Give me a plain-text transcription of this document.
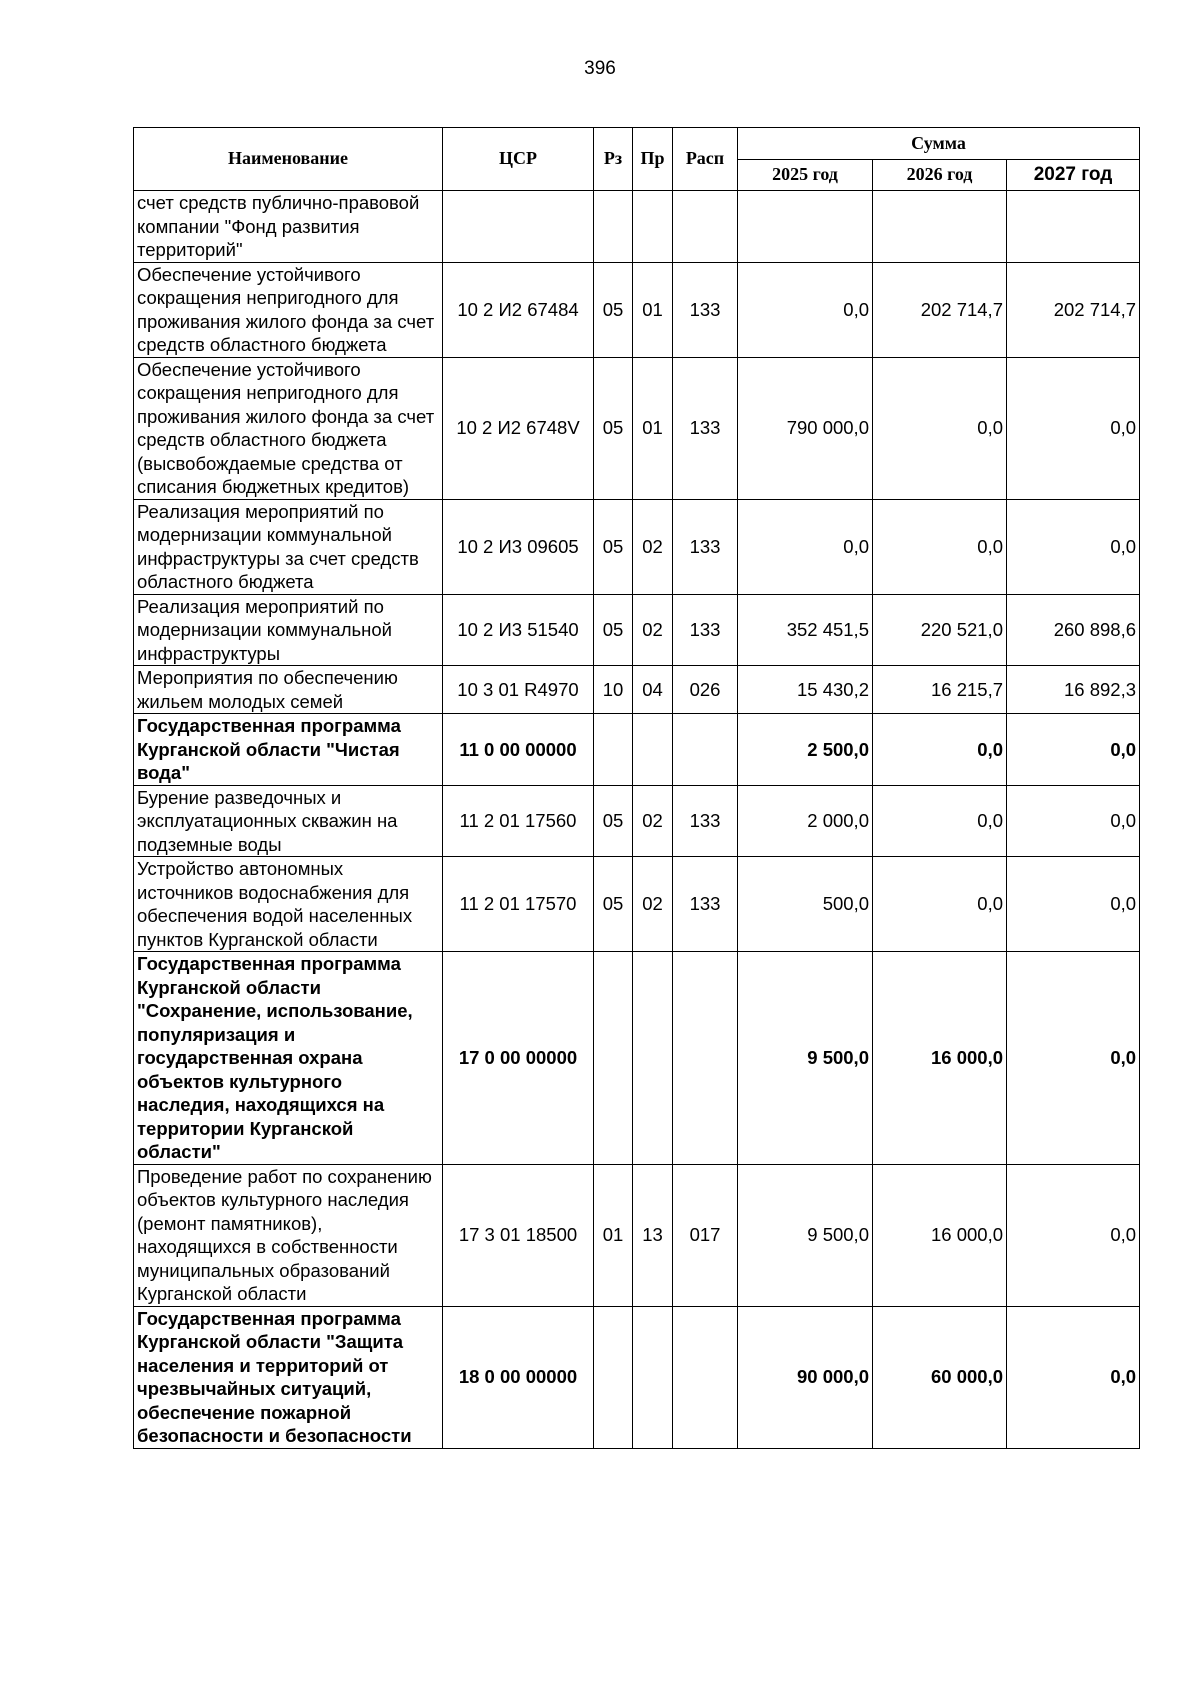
396
Наименование	ЦСР	Рз	Пр	Расп	Сумма		
					2025 год	2026 год	2027 год
счет средств публично-правовой компании "Фонд развития территорий"							
Обеспечение устойчивого сокращения непригодного для проживания жилого фонда за счет средств областного бюджета	10 2 И2 67484	05	01	133	0,0	202 714,7	202 714,7
Обеспечение устойчивого сокращения непригодного для проживания жилого фонда за счет средств областного бюджета (высвобождаемые средства от списания бюджетных кредитов)	10 2 И2 6748V	05	01	133	790 000,0	0,0	0,0
Реализация мероприятий по модернизации коммунальной инфраструктуры за счет средств областного бюджета	10 2 И3 09605	05	02	133	0,0	0,0	0,0
Реализация мероприятий по модернизации коммунальной инфраструктуры	10 2 И3 51540	05	02	133	352 451,5	220 521,0	260 898,6
Мероприятия по обеспечению жильем молодых семей	10 3 01 R4970	10	04	026	15 430,2	16 215,7	16 892,3
Государственная программа Курганской области "Чистая вода"	11 0 00 00000				2 500,0	0,0	0,0
Бурение разведочных и эксплуатационных скважин на подземные воды	11 2 01 17560	05	02	133	2 000,0	0,0	0,0
Устройство автономных источников водоснабжения для обеспечения водой населенных пунктов Курганской области	11 2 01 17570	05	02	133	500,0	0,0	0,0
Государственная программа Курганской области "Сохранение, использование, популяризация и государственная охрана объектов культурного наследия, находящихся на территории Курганской области"	17 0 00 00000				9 500,0	16 000,0	0,0
Проведение работ по сохранению объектов культурного наследия (ремонт памятников), находящихся в собственности муниципальных образований Курганской области	17 3 01 18500	01	13	017	9 500,0	16 000,0	0,0
Государственная программа Курганской области "Защита населения и территорий от чрезвычайных ситуаций, обеспечение пожарной безопасности и безопасности	18 0 00 00000				90 000,0	60 000,0	0,0
